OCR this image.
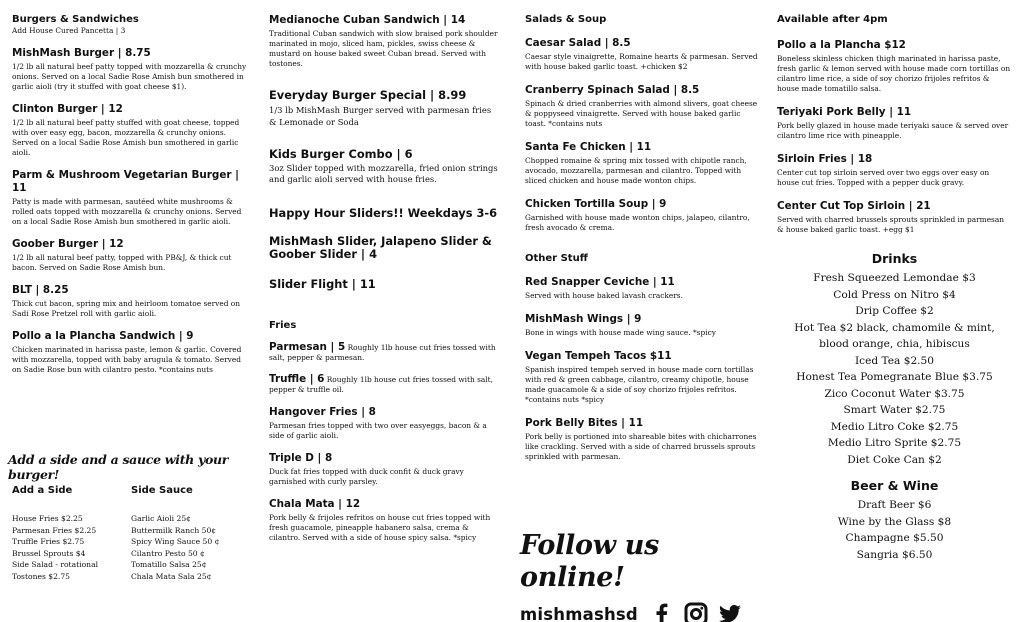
Burgers & Sandwiches
Add House Cured Pancetta | 3
MishMash Burger | 8.75
1/2 lb all natural beef patty topped with mozzarella & crunchy onions. Served on a local Sadie Rose Amish bun smothered in garlic aioli (try it stuffed with goat cheese $1).
Clinton Burger | 12
1/2 lb all natural beef patty stuffed with goat cheese, topped with over easy egg, bacon, mozzarella & crunchy onions. Served on a local Sadie Rose Amish bun smothered in garlic aioli.
Parm & Mushroom Vegetarian Burger | 11
Patty is made with parmesan, sautéed white mushrooms & rolled oats topped with mozzarella & crunchy onions. Served on a local Sadie Rose Amish bun smothered in garlic aioli.
Goober Burger | 12
1/2 lb all natural beef patty, topped with PB&J, & thick cut bacon. Served on Sadie Rose Amish bun.
BLT | 8.25
Thick cut bacon, spring mix and heirloom tomatoe served on Sadi Rose Pretzel roll with garlic aioli.
Pollo a la Plancha Sandwich | 9
Chicken marinated in harissa paste, lemon & garlic. Covered with mozzarella, topped with baby arugula & tomato. Served on Sadie Rose bun with cilantro pesto. *contains nuts
Add a side and a sauce with your burger!
Add a Side
House Fries $2.25
Parmesan Fries $2.25
Truffle Fries $2.75
Brussel Sprouts $4
Side Salad - rotational
Tostones $2.75
Side Sauce
Garlic Aioli 25¢
Buttermilk Ranch 50¢
Spicy Wing Sauce 50 ¢
Cilantro Pesto 50 ¢
Tomatillo Salsa 25¢
Chala Mata Sala 25¢
Medianoche Cuban Sandwich | 14
Traditional Cuban sandwich with slow braised pork shoulder marinated in mojo, sliced ham, pickles, swiss cheese & mustard on house baked sweet Cuban bread. Served with tostones.
Everyday Burger Special | 8.99
1/3 lb MishMash Burger served with parmesan fries & Lemonade or Soda
Kids Burger Combo | 6
3oz Slider topped with mozzarella, fried onion strings and garlic aioli served with house fries.
Happy Hour Sliders!! Weekdays 3-6
MishMash Slider, Jalapeno Slider & Goober Slider | 4
Slider Flight | 11
Fries
Parmesan | 5 Roughly 1lb house cut fries tossed with salt, pepper & parmesan.
Truffle | 6 Roughly 1lb house cut fries tossed with salt, pepper & truffle oil.
Hangover Fries | 8
Parmesan fries topped with two over easyeggs, bacon & a side of garlic aioli.
Triple D | 8
Duck fat fries topped with duck confit & duck gravy garnished with curly parsley.
Chala Mata | 12
Pork belly & frijoles refritos on house cut fries topped with fresh guacamole, pineapple habanero salsa, crema & cilantro. Served with a side of house spicy salsa. *spicy
Salads & Soup
Caesar Salad | 8.5
Caesar style vinaigrette, Romaine hearts & parmesan. Served with house baked garlic toast. +chicken $2
Cranberry Spinach Salad | 8.5
Spinach & dried cranberries with almond slivers, goat cheese & poppyseed vinaigrette. Served with house baked garlic toast. *contains nuts
Santa Fe Chicken | 11
Chopped romaine & spring mix tossed with chipotle ranch, avocado, mozzarella, parmesan and cilantro. Topped with sliced chicken and house made wonton chips.
Chicken Tortilla Soup | 9
Garnished with house made wonton chips, jalapeo, cilantro, fresh avocado & crema.
Other Stuff
Red Snapper Ceviche | 11
Served with house baked lavash crackers.
MishMash Wings | 9
Bone in wings with house made wing sauce. *spicy
Vegan Tempeh Tacos $11
Spanish inspired tempeh served in house made corn tortillas with red & green cabbage, cilantro, creamy chipotle, house made guacamole & a side of soy chorizo frijoles refritos. *contains nuts *spicy
Pork Belly Bites | 11
Pork belly is portioned into shareable bites with chicharrones like crackling. Served with a side of charred brussels sprouts sprinkled with parmesan.
Follow us online!
mishmashsd
Available after 4pm
Pollo a la Plancha $12
Boneless skinless chicken thigh marinated in harissa paste, fresh garlic & lemon served with house made corn tortillas on cilantro lime rice, a side of soy chorizo frijoles refritos & house made tomatillo salsa.
Teriyaki Pork Belly | 11
Pork belly glazed in house made teriyaki sauce & served over cilantro lime rice with pineapple.
Sirloin Fries | 18
Center cut top sirloin served over two eggs over easy on house cut fries. Topped with a pepper duck gravy.
Center Cut Top Sirloin | 21
Served with charred brussels sprouts sprinkled in parmesan & house baked garlic toast. +egg $1
Drinks
Fresh Squeezed Lemondae $3
Cold Press on Nitro $4
Drip Coffee $2
Hot Tea $2 black, chamomile & mint,
blood orange, chia, hibiscus
Iced Tea $2.50
Honest Tea Pomegranate Blue $3.75
Zico Coconut Water $3.75
Smart Water $2.75
Medio Litro Coke $2.75
Medio Litro Sprite $2.75
Diet Coke Can $2
Beer & Wine
Draft Beer $6
Wine by the Glass $8
Champagne $5.50
Sangria $6.50
